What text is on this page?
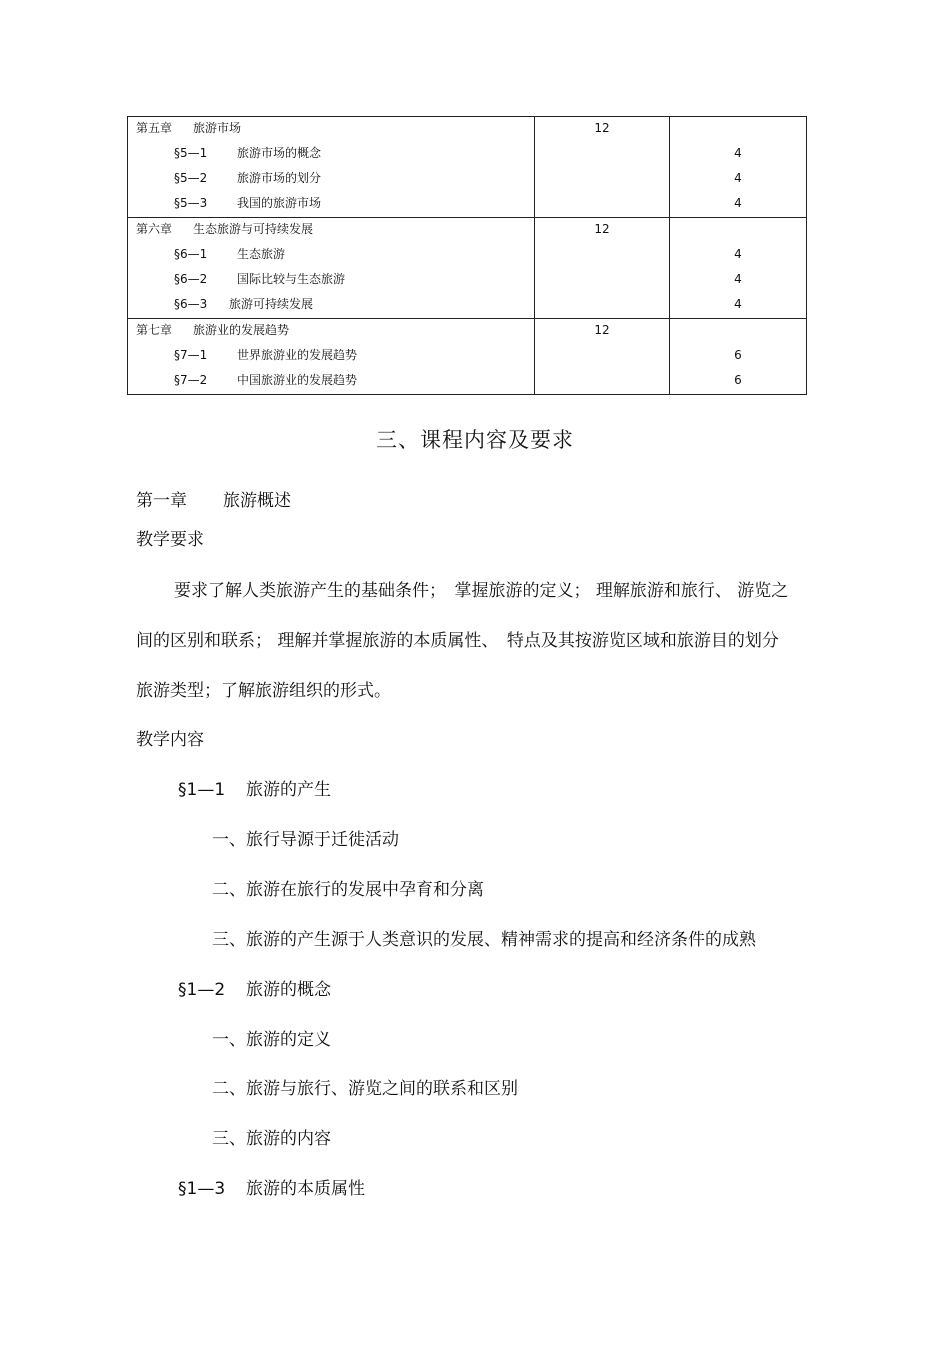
第五章 旅游市场	12	
§5—1 旅游市场的概念		4
§5—2 旅游市场的划分		4
§5—3 我国的旅游市场		4
第六章 生态旅游与可持续发展	12	
§6—1 生态旅游		4
§6—2 国际比较与生态旅游		4
§6—3 旅游可持续发展		4
第七章 旅游业的发展趋势	12	
§7—1 世界旅游业的发展趋势		6
§7—2 中国旅游业的发展趋势		6
三、课程内容及要求
第一章 旅游概述
教学要求
要求了解人类旅游产生的基础条件；　掌握旅游的定义； 理解旅游和旅行、 游览之
间的区别和联系； 理解并掌握旅游的本质属性、　特点及其按游览区域和旅游目的划分
旅游类型；了解旅游组织的形式。
教学内容
§1—1 旅游的产生
一、旅行导源于迁徙活动
二、旅游在旅行的发展中孕育和分离
三、旅游的产生源于人类意识的发展、精神需求的提高和经济条件的成熟
§1—2 旅游的概念
一、旅游的定义
二、旅游与旅行、游览之间的联系和区别
三、旅游的内容
§1—3 旅游的本质属性
